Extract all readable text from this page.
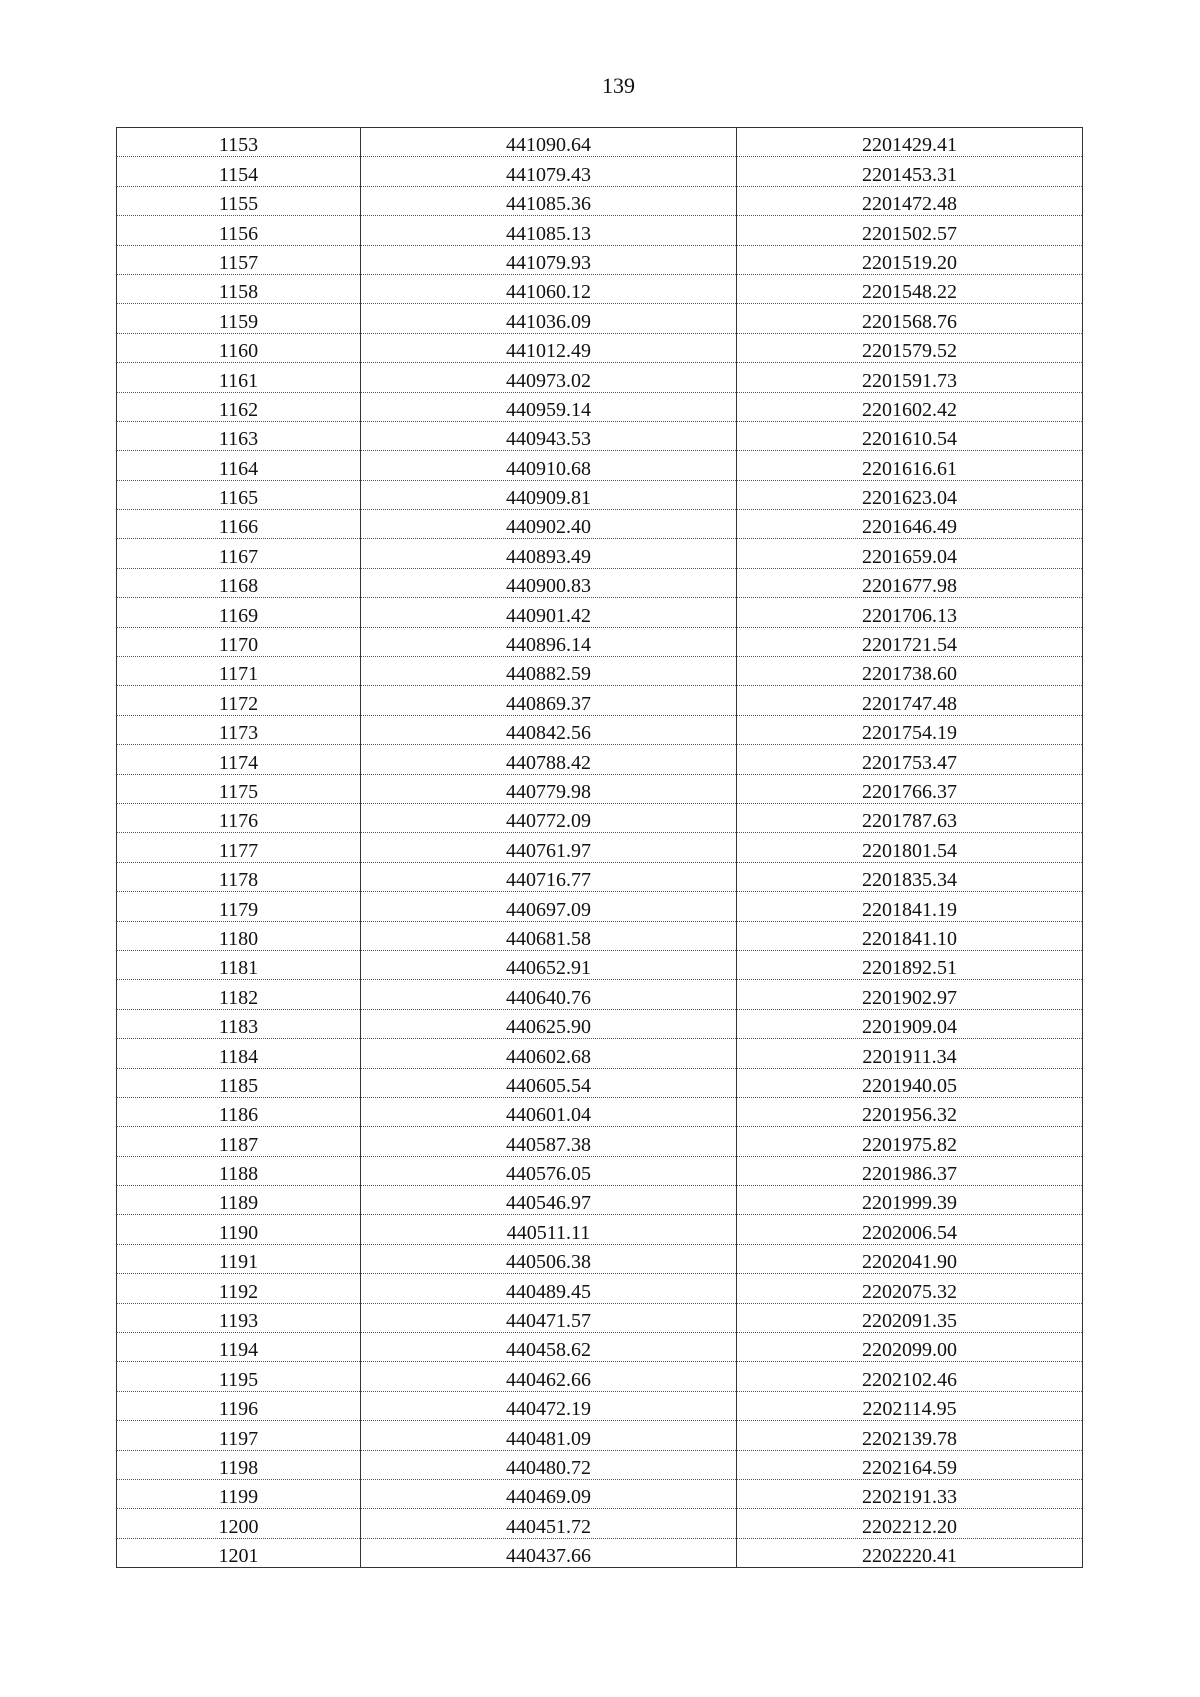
139
1153	441090.64	2201429.41
1154	441079.43	2201453.31
1155	441085.36	2201472.48
1156	441085.13	2201502.57
1157	441079.93	2201519.20
1158	441060.12	2201548.22
1159	441036.09	2201568.76
1160	441012.49	2201579.52
1161	440973.02	2201591.73
1162	440959.14	2201602.42
1163	440943.53	2201610.54
1164	440910.68	2201616.61
1165	440909.81	2201623.04
1166	440902.40	2201646.49
1167	440893.49	2201659.04
1168	440900.83	2201677.98
1169	440901.42	2201706.13
1170	440896.14	2201721.54
1171	440882.59	2201738.60
1172	440869.37	2201747.48
1173	440842.56	2201754.19
1174	440788.42	2201753.47
1175	440779.98	2201766.37
1176	440772.09	2201787.63
1177	440761.97	2201801.54
1178	440716.77	2201835.34
1179	440697.09	2201841.19
1180	440681.58	2201841.10
1181	440652.91	2201892.51
1182	440640.76	2201902.97
1183	440625.90	2201909.04
1184	440602.68	2201911.34
1185	440605.54	2201940.05
1186	440601.04	2201956.32
1187	440587.38	2201975.82
1188	440576.05	2201986.37
1189	440546.97	2201999.39
1190	440511.11	2202006.54
1191	440506.38	2202041.90
1192	440489.45	2202075.32
1193	440471.57	2202091.35
1194	440458.62	2202099.00
1195	440462.66	2202102.46
1196	440472.19	2202114.95
1197	440481.09	2202139.78
1198	440480.72	2202164.59
1199	440469.09	2202191.33
1200	440451.72	2202212.20
1201	440437.66	2202220.41
